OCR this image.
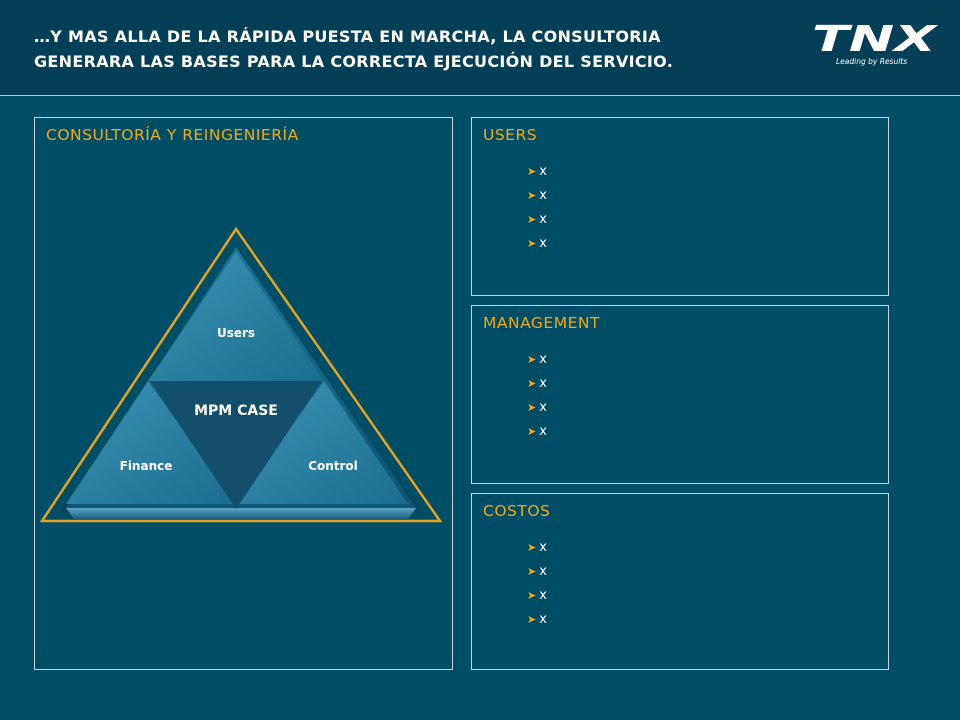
…Y MAS ALLA DE LA RÁPIDA PUESTA EN MARCHA, LA CONSULTORIA
GENERARA LAS BASES PARA LA CORRECTA EJECUCIÓN DEL SERVICIO.
TNX
Leading by Results
CONSULTORÍA Y REINGENIERÍA
Users
MPM CASE
Finance	Control
USERS
➤ x
➤ x
➤ x
➤ x
MANAGEMENT
➤ x
➤ x
➤ x
➤ x
COSTOS
➤ x
➤ x
➤ x
➤ x
